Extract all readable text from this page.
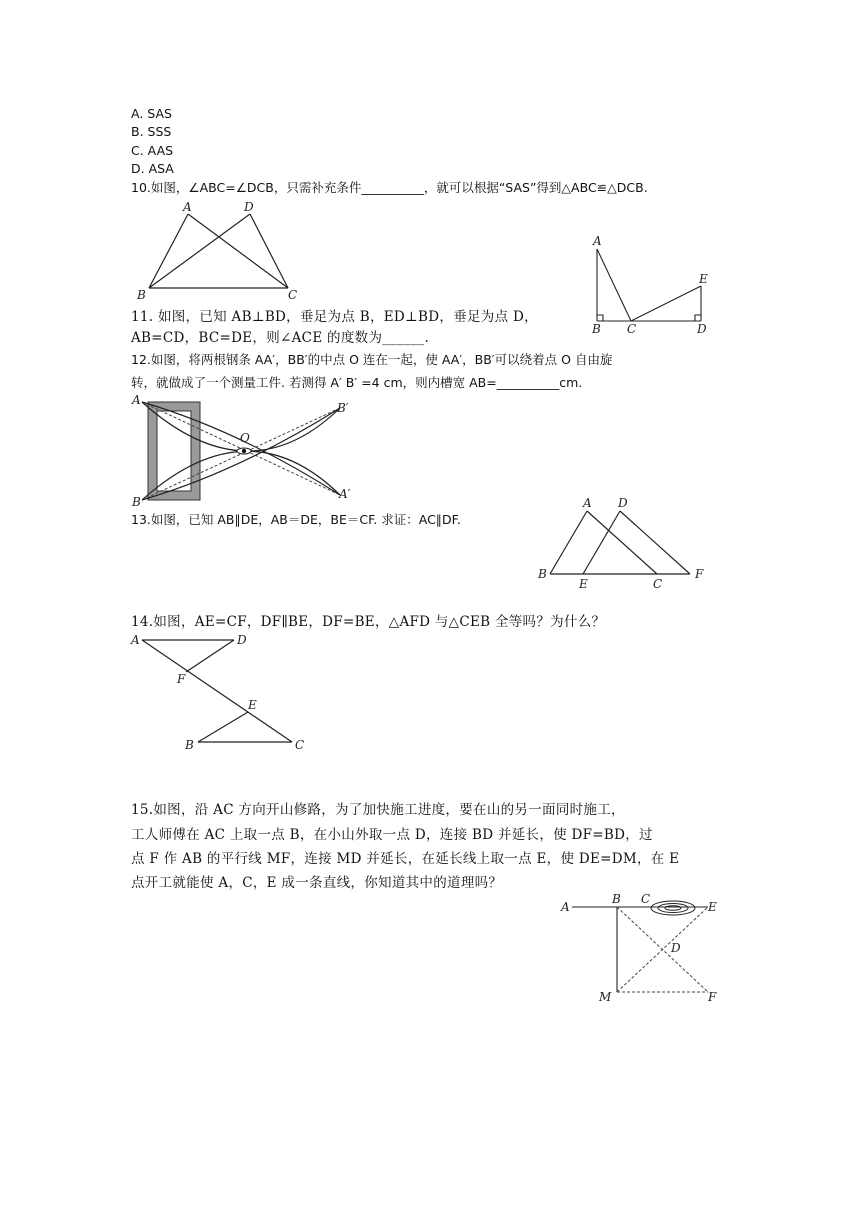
A. SAS
B. SSS
C. AAS
D. ASA
10.如图，∠ABC=∠DCB，只需补充条件__________，就可以根据“SAS”得到△ABC≌△DCB.
A	D
B	C
11. 如图，已知 AB⊥BD，垂足为点 B，ED⊥BD，垂足为点 D，
AB=CD，BC=DE，则∠ACE 的度数为______.
A
E
B C	D
12.如图，将两根钢条 AA′，BB′的中点 O 连在一起，使 AA′，BB′可以绕着点 O 自由旋
转，就做成了一个测量工件. 若测得 A′ B′ =4 cm，则内槽宽 AB=__________cm.
O
A
B
B′
A′
13.如图，已知 AB∥DE，AB＝DE，BE＝CF. 求证：AC∥DF.
A D
B
E	C
F
14.如图，AE=CF，DF∥BE，DF=BE，△AFD 与△CEB 全等吗？为什么？
A	D
F
E
B	C
15.如图，沿 AC 方向开山修路，为了加快施工进度，要在山的另一面同时施工，
工人师傅在 AC 上取一点 B，在小山外取一点 D，连接 BD 并延长，使 DF=BD，过
点 F 作 AB 的平行线 MF，连接 MD 并延长，在延长线上取一点 E，使 DE=DM，在 E
点开工就能使 A，C，E 成一条直线，你知道其中的道理吗？
A
B C
E
D
M	F
